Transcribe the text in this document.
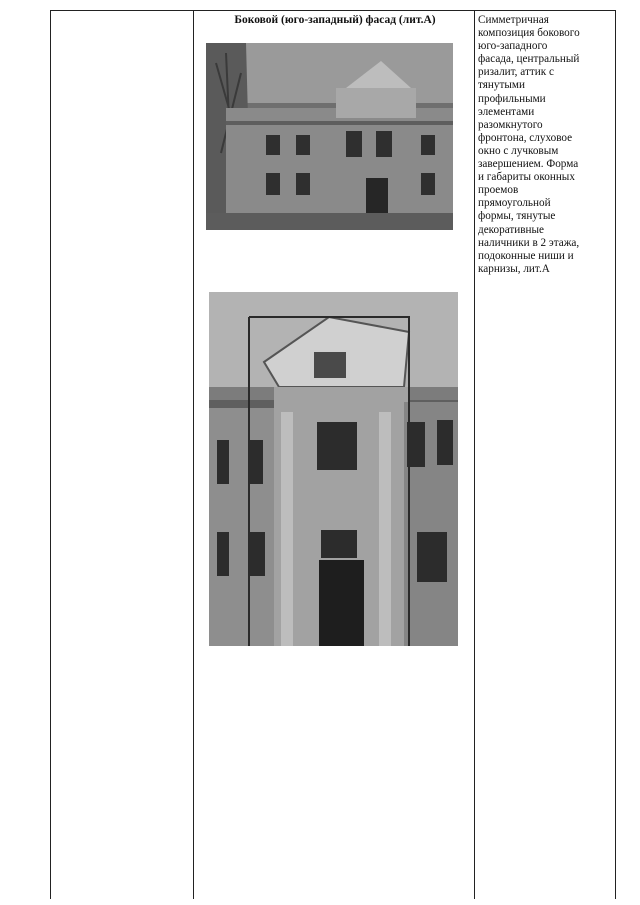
Боковой (юго-западный) фасад (лит.А)	Симметричная
композиция бокового
юго-западного
фасада, центральный
ризалит, аттик с
тянутыми
профильными
элементами
разомкнутого
фронтона, слуховое
окно с лучковым
завершением. Форма
и габариты оконных
проемов
прямоугольной
формы, тянутые
декоративные
наличники в 2 этажа,
подоконные ниши и
карнизы, лит.А
